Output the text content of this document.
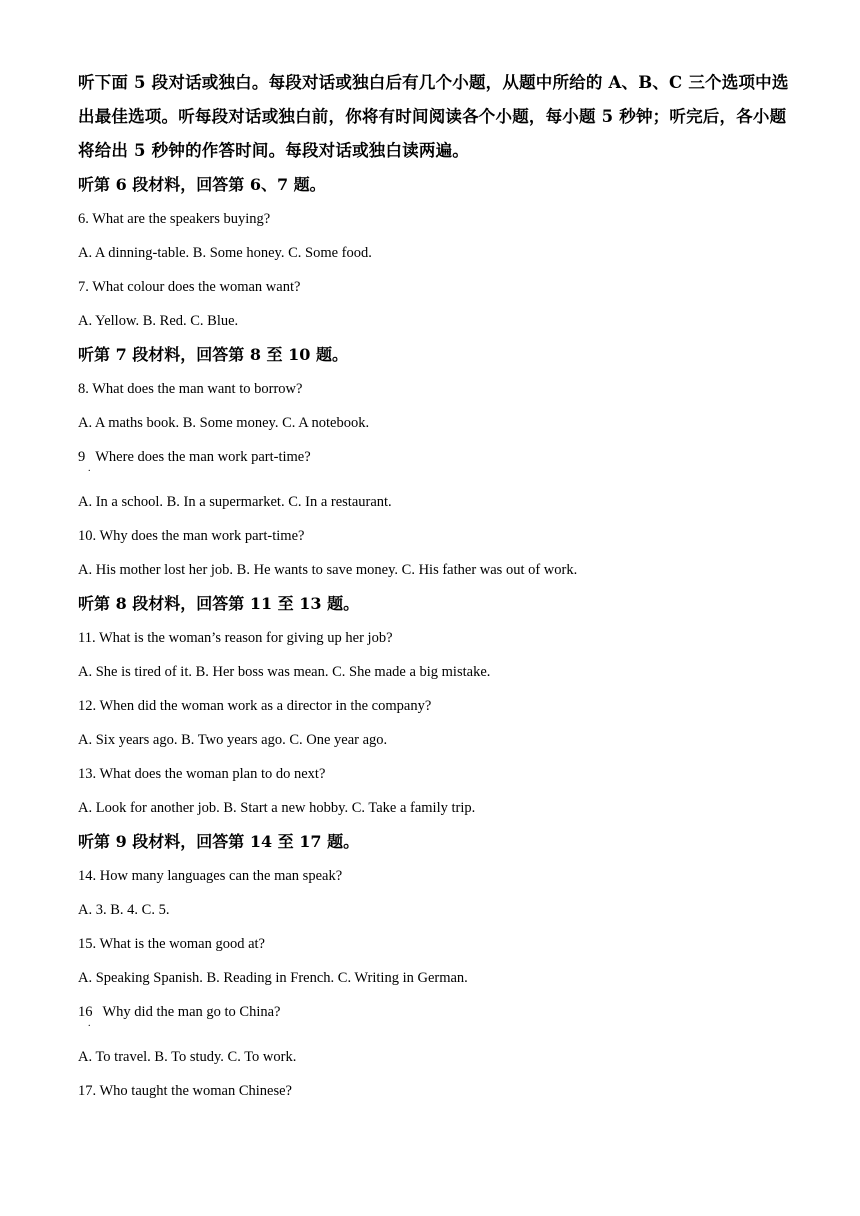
听下面 5 段对话或独白。每段对话或独白后有几个小题，从题中所给的 A、B、C 三个选项中选出最佳选项。听每段对话或独白前，你将有时间阅读各个小题，每小题 5 秒钟；听完后，各小题将给出 5 秒钟的作答时间。每段对话或独白读两遍。

听第 6 段材料，回答第 6、7 题。

6. What are the speakers buying?

A. A dinning-table. B. Some honey. C. Some food.

7. What colour does the woman want?

A. Yellow. B. Red. C. Blue.

听第 7 段材料，回答第 8 至 10 题。

8. What does the man want to borrow?

A. A maths book. B. Some money. C. A notebook.

9 Where does the man work part-time?
.

A. In a school. B. In a supermarket. C. In a restaurant.

10. Why does the man work part-time?

A. His mother lost her job. B. He wants to save money. C. His father was out of work.

听第 8 段材料，回答第 11 至 13 题。

11. What is the woman’s reason for giving up her job?

A. She is tired of it. B. Her boss was mean. C. She made a big mistake.

12. When did the woman work as a director in the company?

A. Six years ago. B. Two years ago. C. One year ago.

13. What does the woman plan to do next?

A. Look for another job. B. Start a new hobby. C. Take a family trip.

听第 9 段材料，回答第 14 至 17 题。

14. How many languages can the man speak?

A. 3. B. 4. C. 5.

15. What is the woman good at?

A. Speaking Spanish. B. Reading in French. C. Writing in German.

16 Why did the man go to China?
.

A. To travel. B. To study. C. To work.

17. Who taught the woman Chinese?
